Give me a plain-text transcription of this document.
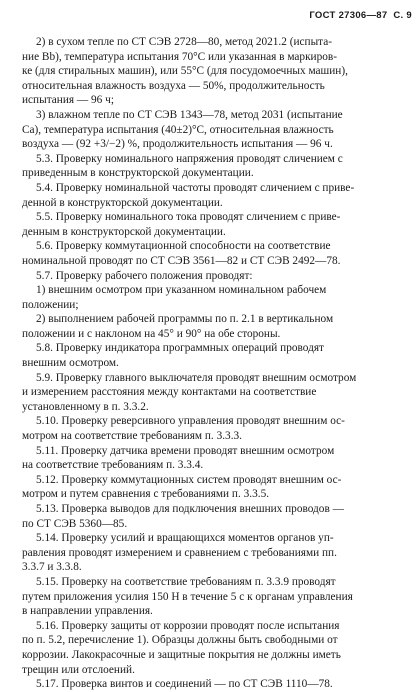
ГОСТ 27306—87 С. 9
2) в сухом тепле по СТ СЭВ 2728—80, метод 2021.2 (испыта-
ние Bb), температура испытания 70°С или указанная в маркиров-
ке (для стиральных машин), или 55°С (для посудомоечных машин),
относительная влажность воздуха — 50%, продолжительность
испытания — 96 ч;
3) влажном тепле по СТ СЭВ 1343—78, метод 2031 (испытание
Ca), температура испытания (40±2)°С, относительная влажность
воздуха — (92 +3/−2) %, продолжительность испытания — 96 ч.
5.3. Проверку номинального напряжения проводят сличением с
приведенным в конструкторской документации.
5.4. Проверку номинальной частоты проводят сличением с приве-
денной в конструкторской документации.
5.5. Проверку номинального тока проводят сличением с приве-
денным в конструкторской документации.
5.6. Проверку коммутационной способности на соответствие
номинальной проводят по СТ СЭВ 3561—82 и СТ СЭВ 2492—78.
5.7. Проверку рабочего положения проводят:
1) внешним осмотром при указанном номинальном рабочем
положении;
2) выполнением рабочей программы по п. 2.1 в вертикальном
положении и с наклоном на 45° и 90° на обе стороны.
5.8. Проверку индикатора программных операций проводят
внешним осмотром.
5.9. Проверку главного выключателя проводят внешним осмотром
и измерением расстояния между контактами на соответствие
установленному в п. 3.3.2.
5.10. Проверку реверсивного управления проводят внешним ос-
мотром на соответствие требованиям п. 3.3.3.
5.11. Проверку датчика времени проводят внешним осмотром
на соответствие требованиям п. 3.3.4.
5.12. Проверку коммутационных систем проводят внешним ос-
мотром и путем сравнения с требованиями п. 3.3.5.
5.13. Проверка выводов для подключения внешних проводов —
по СТ СЭВ 5360—85.
5.14. Проверку усилий и вращающихся моментов органов уп-
равления проводят измерением и сравнением с требованиями пп.
3.3.7 и 3.3.8.
5.15. Проверку на соответствие требованиям п. 3.3.9 проводят
путем приложения усилия 150 Н в течение 5 с к органам управления
в направлении управления.
5.16. Проверку защиты от коррозии проводят после испытания
по п. 5.2, перечисление 1). Образцы должны быть свободными от
коррозии. Лакокрасочные и защитные покрытия не должны иметь
трещин или отслоений.
5.17. Проверка винтов и соединений — по СТ СЭВ 1110—78.
